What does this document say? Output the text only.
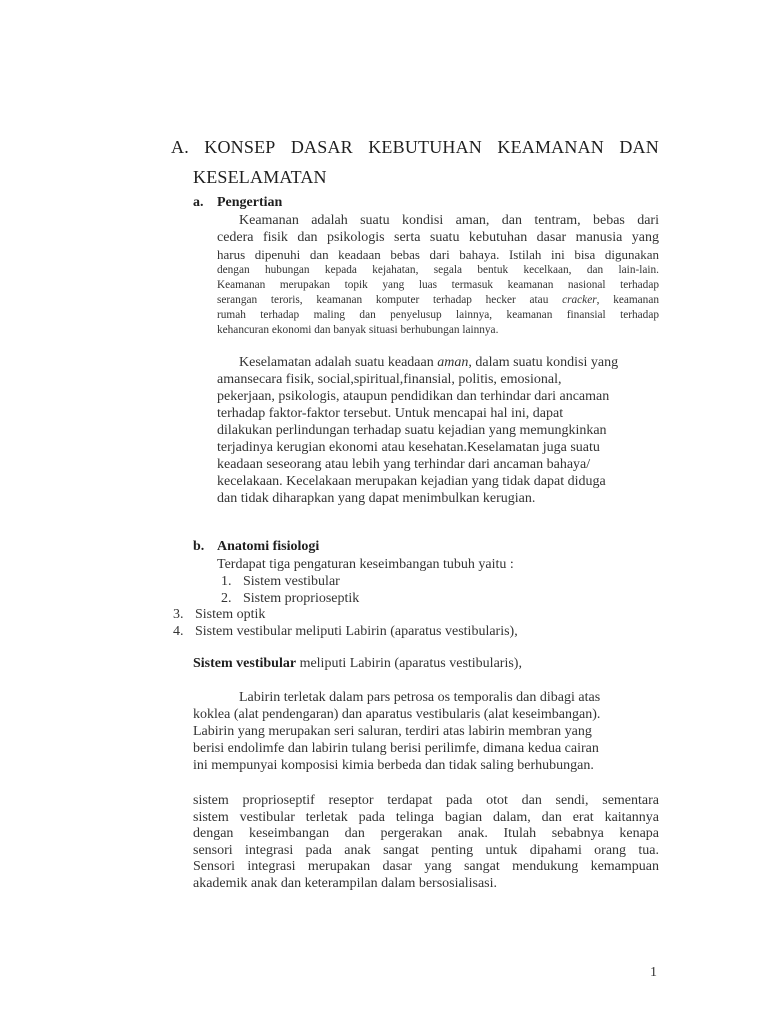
A. KONSEP DASAR KEBUTUHAN KEAMANAN DAN
KESELAMATAN
a. Pengertian
Keamanan adalah suatu kondisi aman, dan tentram, bebas dari
cedera fisik dan psikologis serta suatu kebutuhan dasar manusia yang
harus dipenuhi dan keadaan bebas dari bahaya. Istilah ini bisa digunakan
dengan hubungan kepada kejahatan, segala bentuk kecelkaan, dan lain-lain.
Keamanan merupakan topik yang luas termasuk keamanan nasional terhadap
serangan teroris, keamanan komputer terhadap hecker atau cracker, keamanan
rumah terhadap maling dan penyelusup lainnya, keamanan finansial terhadap
kehancuran ekonomi dan banyak situasi berhubungan lainnya.
Keselamatan adalah suatu keadaan aman, dalam suatu kondisi yang
amansecara fisik, social,spiritual,finansial, politis, emosional,
pekerjaan, psikologis, ataupun pendidikan dan terhindar dari ancaman
terhadap faktor-faktor tersebut. Untuk mencapai hal ini, dapat
dilakukan perlindungan terhadap suatu kejadian yang memungkinkan
terjadinya kerugian ekonomi atau kesehatan.Keselamatan juga suatu
keadaan seseorang atau lebih yang terhindar dari ancaman bahaya/
kecelakaan. Kecelakaan merupakan kejadian yang tidak dapat diduga
dan tidak diharapkan yang dapat menimbulkan kerugian.
b. Anatomi fisiologi
Terdapat tiga pengaturan keseimbangan tubuh yaitu :
1. Sistem vestibular
2. Sistem proprioseptik
3. Sistem optik
4. Sistem vestibular meliputi Labirin (aparatus vestibularis),
Sistem vestibular meliputi Labirin (aparatus vestibularis),
Labirin terletak dalam pars petrosa os temporalis dan dibagi atas
koklea (alat pendengaran) dan aparatus vestibularis (alat keseimbangan).
Labirin yang merupakan seri saluran, terdiri atas labirin membran yang
berisi endolimfe dan labirin tulang berisi perilimfe, dimana kedua cairan
ini mempunyai komposisi kimia berbeda dan tidak saling berhubungan.
sistem proprioseptif reseptor terdapat pada otot dan sendi, sementara
sistem vestibular terletak pada telinga bagian dalam, dan erat kaitannya
dengan keseimbangan dan pergerakan anak. Itulah sebabnya kenapa
sensori integrasi pada anak sangat penting untuk dipahami orang tua.
Sensori integrasi merupakan dasar yang sangat mendukung kemampuan
akademik anak dan keterampilan dalam bersosialisasi.
1
